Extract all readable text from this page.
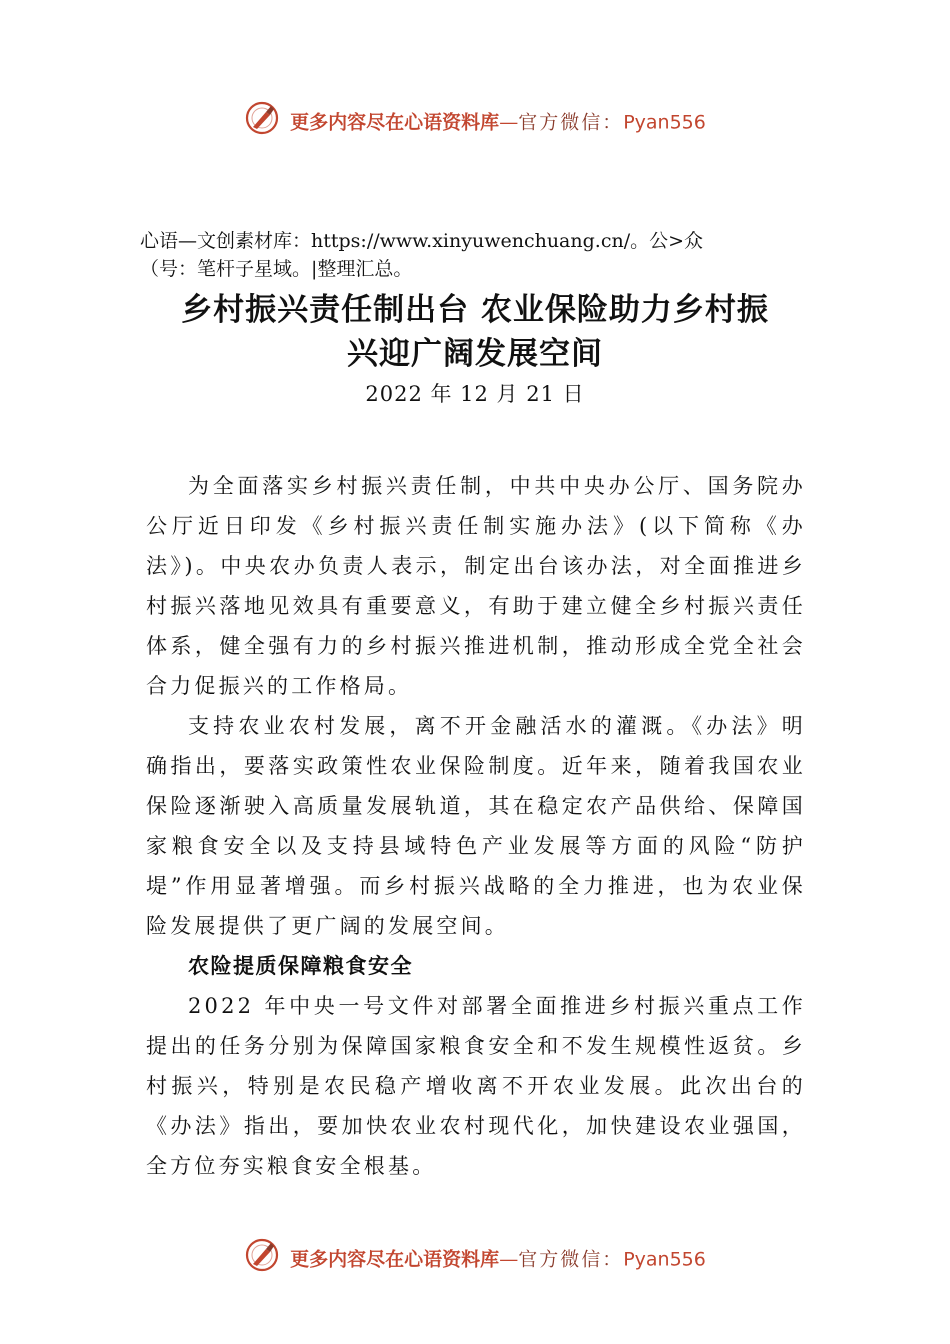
更多内容尽在心语资料库—官方微信：Pyan556
心语—文创素材库：https://www.xinyuwenchuang.cn/。公>众
（号：笔杆子星域。|整理汇总。
乡村振兴责任制出台 农业保险助力乡村振
兴迎广阔发展空间
2022 年 12 月 21 日

为全面落实乡村振兴责任制，中共中央办公厅、国务院办公厅近日印发《乡村振兴责任制实施办法》(以下简称《办法》)。中央农办负责人表示，制定出台该办法，对全面推进乡村振兴落地见效具有重要意义，有助于建立健全乡村振兴责任体系，健全强有力的乡村振兴推进机制，推动形成全党全社会合力促振兴的工作格局。

支持农业农村发展，离不开金融活水的灌溉。《办法》明确指出，要落实政策性农业保险制度。近年来，随着我国农业保险逐渐驶入高质量发展轨道，其在稳定农产品供给、保障国家粮食安全以及支持县域特色产业发展等方面的风险“防护堤”作用显著增强。而乡村振兴战略的全力推进，也为农业保险发展提供了更广阔的发展空间。

农险提质保障粮食安全

2022 年中央一号文件对部署全面推进乡村振兴重点工作提出的任务分别为保障国家粮食安全和不发生规模性返贫。乡村振兴，特别是农民稳产增收离不开农业发展。此次出台的《办法》指出，要加快农业农村现代化，加快建设农业强国，全方位夯实粮食安全根基。

更多内容尽在心语资料库—官方微信：Pyan556
